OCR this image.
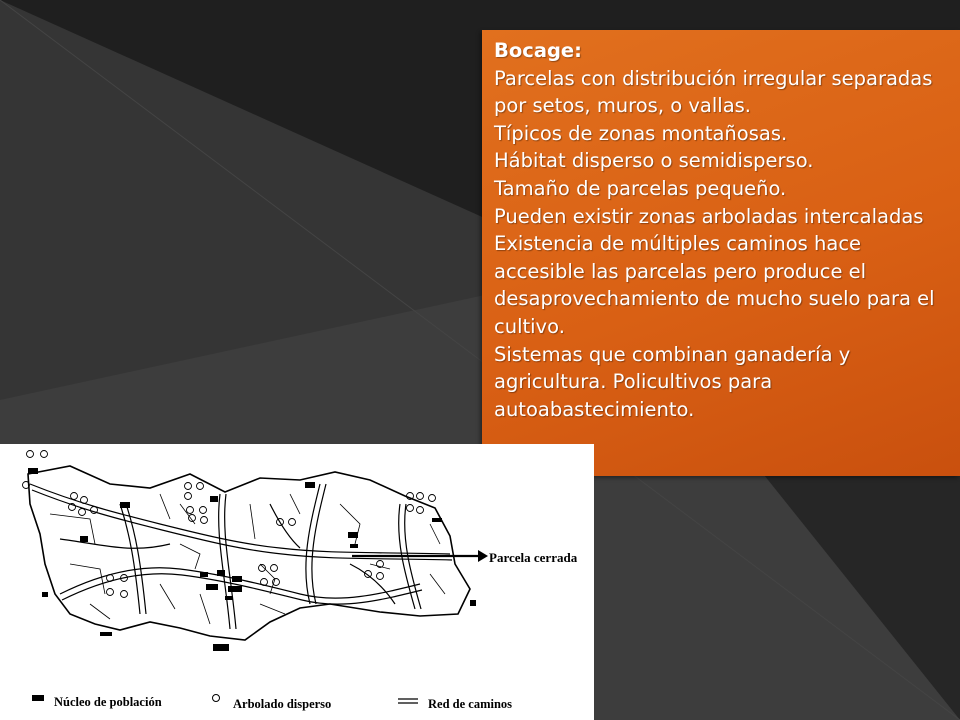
Bocage:

Parcelas con distribución irregular separadas por setos, muros, o vallas.

Típicos de zonas montañosas.

Hábitat disperso o semidisperso.

Tamaño de parcelas pequeño.

Pueden existir zonas arboladas intercaladas

Existencia de múltiples caminos hace accesible las parcelas pero produce el desaprovechamiento de mucho suelo para el cultivo.

Sistemas que combinan ganadería y agricultura. Policultivos para autoabastecimiento.

Parcela cerrada
Núcleo de población	Arbolado disperso	Red de caminos
